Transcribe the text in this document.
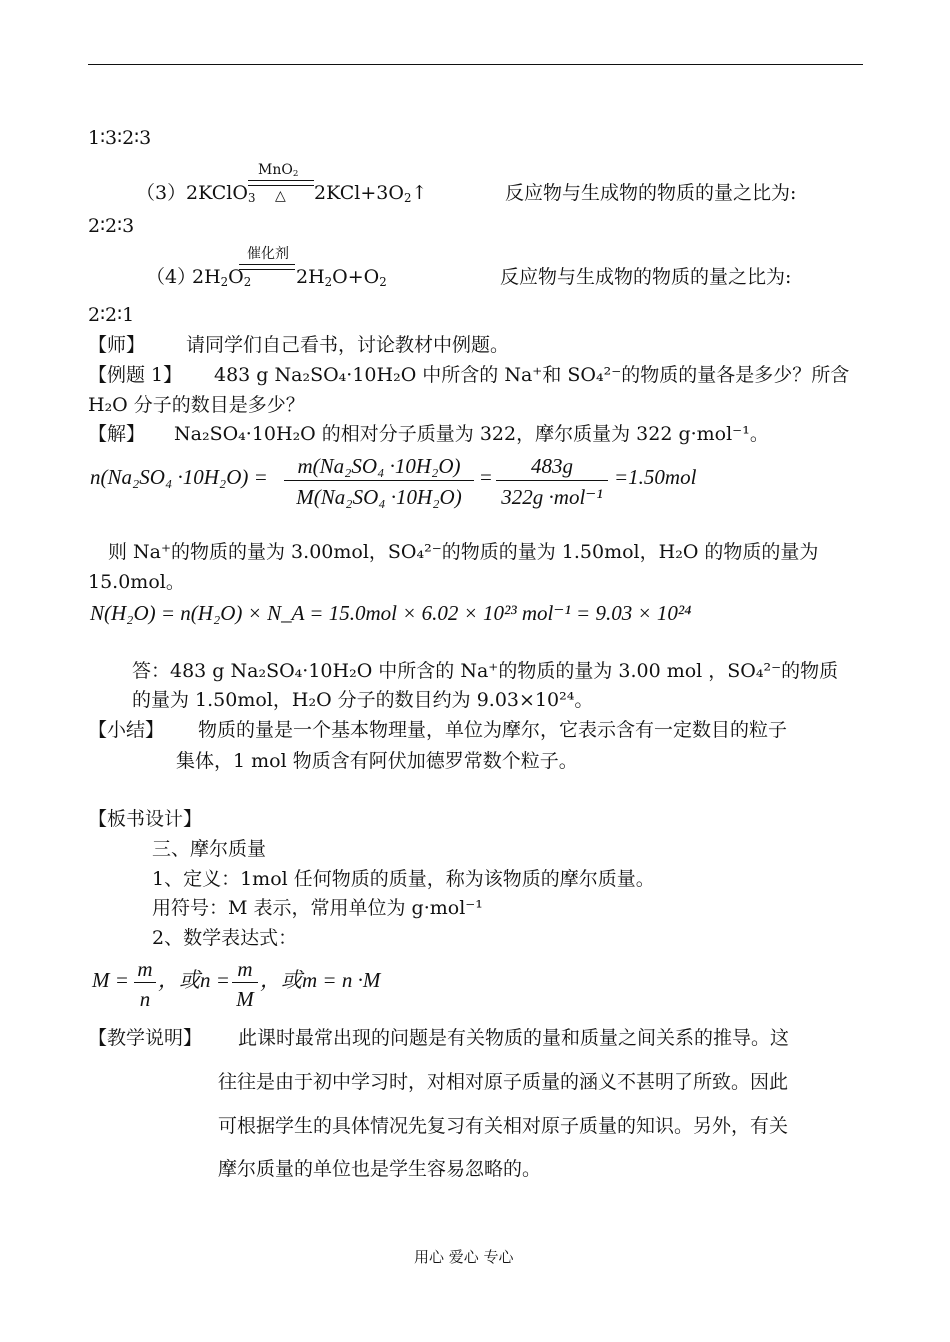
1∶3∶2∶3
（3） 2KClO$_3$
MnO$_2$
△ $2KCl+3O_2↑$	反应物与生成物的物质的量之比为:
2∶2∶3
（4）
$2H_2O_2$
催化剂
$2H_2O+O_2$	反应物与生成物的物质的量之比为:
2∶2∶1
【师】 请同学们自己看书，讨论教材中例题。
【例题 1】 483 g Na₂SO₄·10H₂O 中所含的 Na⁺和 SO₄²⁻的物质的量各是多少？所含
H₂O 分子的数目是多少？
【解】 Na₂SO₄·10H₂O 的相对分子质量为 322，摩尔质量为 322 g·mol⁻¹。
n(Na₂SO₄ ·10H₂O) =	m(Na₂SO₄ ·10H₂O)
M(Na₂SO₄ ·10H₂O)
=	483g
322g ·mol⁻¹
=1.50mol
则 Na⁺的物质的量为 3.00mol，SO₄²⁻的物质的量为 1.50mol，H₂O 的物质的量为
15.0mol。
N(H₂O) = n(H₂O) × N_A = 15.0mol × 6.02 × 10²³ mol⁻¹ = 9.03 × 10²⁴
答：483 g Na₂SO₄·10H₂O 中所含的 Na⁺的物质的量为 3.00 mol ，SO₄²⁻的物质
的量为 1.50mol，H₂O 分子的数目约为 9.03×10²⁴。
【小结】 物质的量是一个基本物理量，单位为摩尔，它表示含有一定数目的粒子
集体，1 mol 物质含有阿伏加德罗常数个粒子。
【板书设计】
三、摩尔质量
1、定义：1mol 任何物质的质量，称为该物质的摩尔质量。
用符号：M 表示，常用单位为 g·mol⁻¹
2、数学表达式：
M = m
n
，或n = m
M
，或m = n ·M
【教学说明】 此课时最常出现的问题是有关物质的量和质量之间关系的推导。这
往往是由于初中学习时，对相对原子质量的涵义不甚明了所致。因此
可根据学生的具体情况先复习有关相对原子质量的知识。另外，有关
摩尔质量的单位也是学生容易忽略的。
用心 爱心 专心
